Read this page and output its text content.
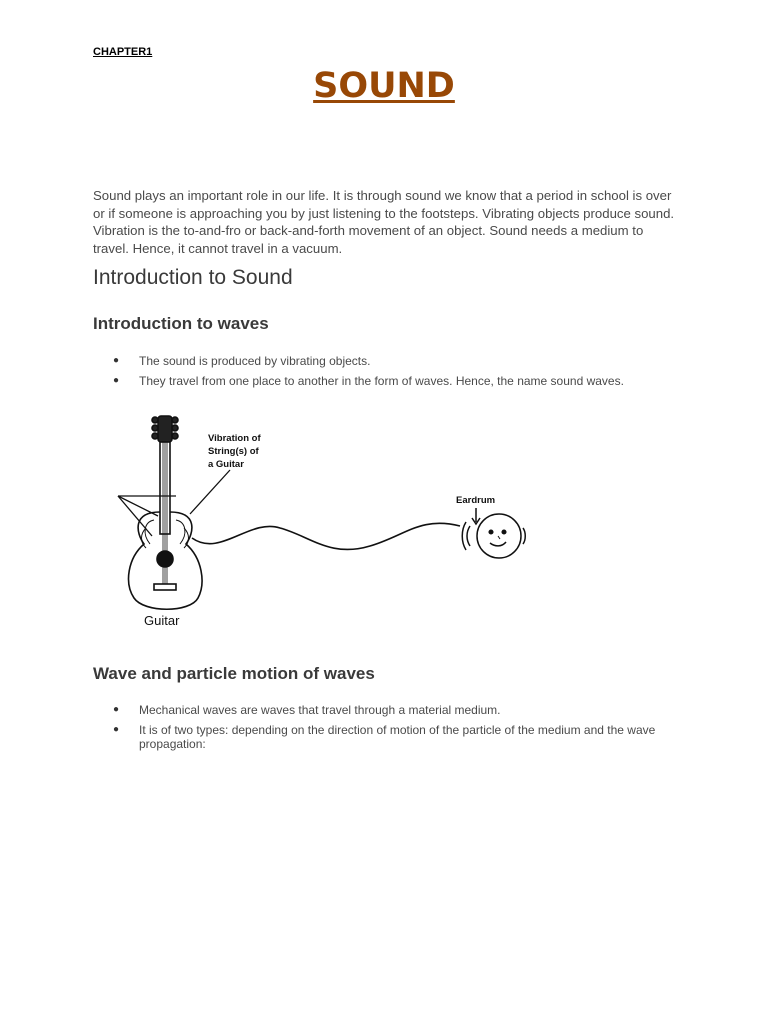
CHAPTER1
SOUND

Sound plays an important role in our life. It is through sound we know that a period in school is over or if someone is approaching you by just listening to the footsteps. Vibrating objects produce sound. Vibration is the to-and-fro or back-and-forth movement of an object. Sound needs a medium to travel. Hence, it cannot travel in a vacuum.

Introduction to Sound
Introduction to waves
● The sound is produced by vibrating objects.
● They travel from one place to another in the form of waves. Hence, the name sound waves.
Vibration of
String(s) of
a Guitar
Eardrum
Guitar
Wave and particle motion of waves
● Mechanical waves are waves that travel through a material medium.
● It is of two types: depending on the direction of motion of the particle of the medium and the wave propagation:
